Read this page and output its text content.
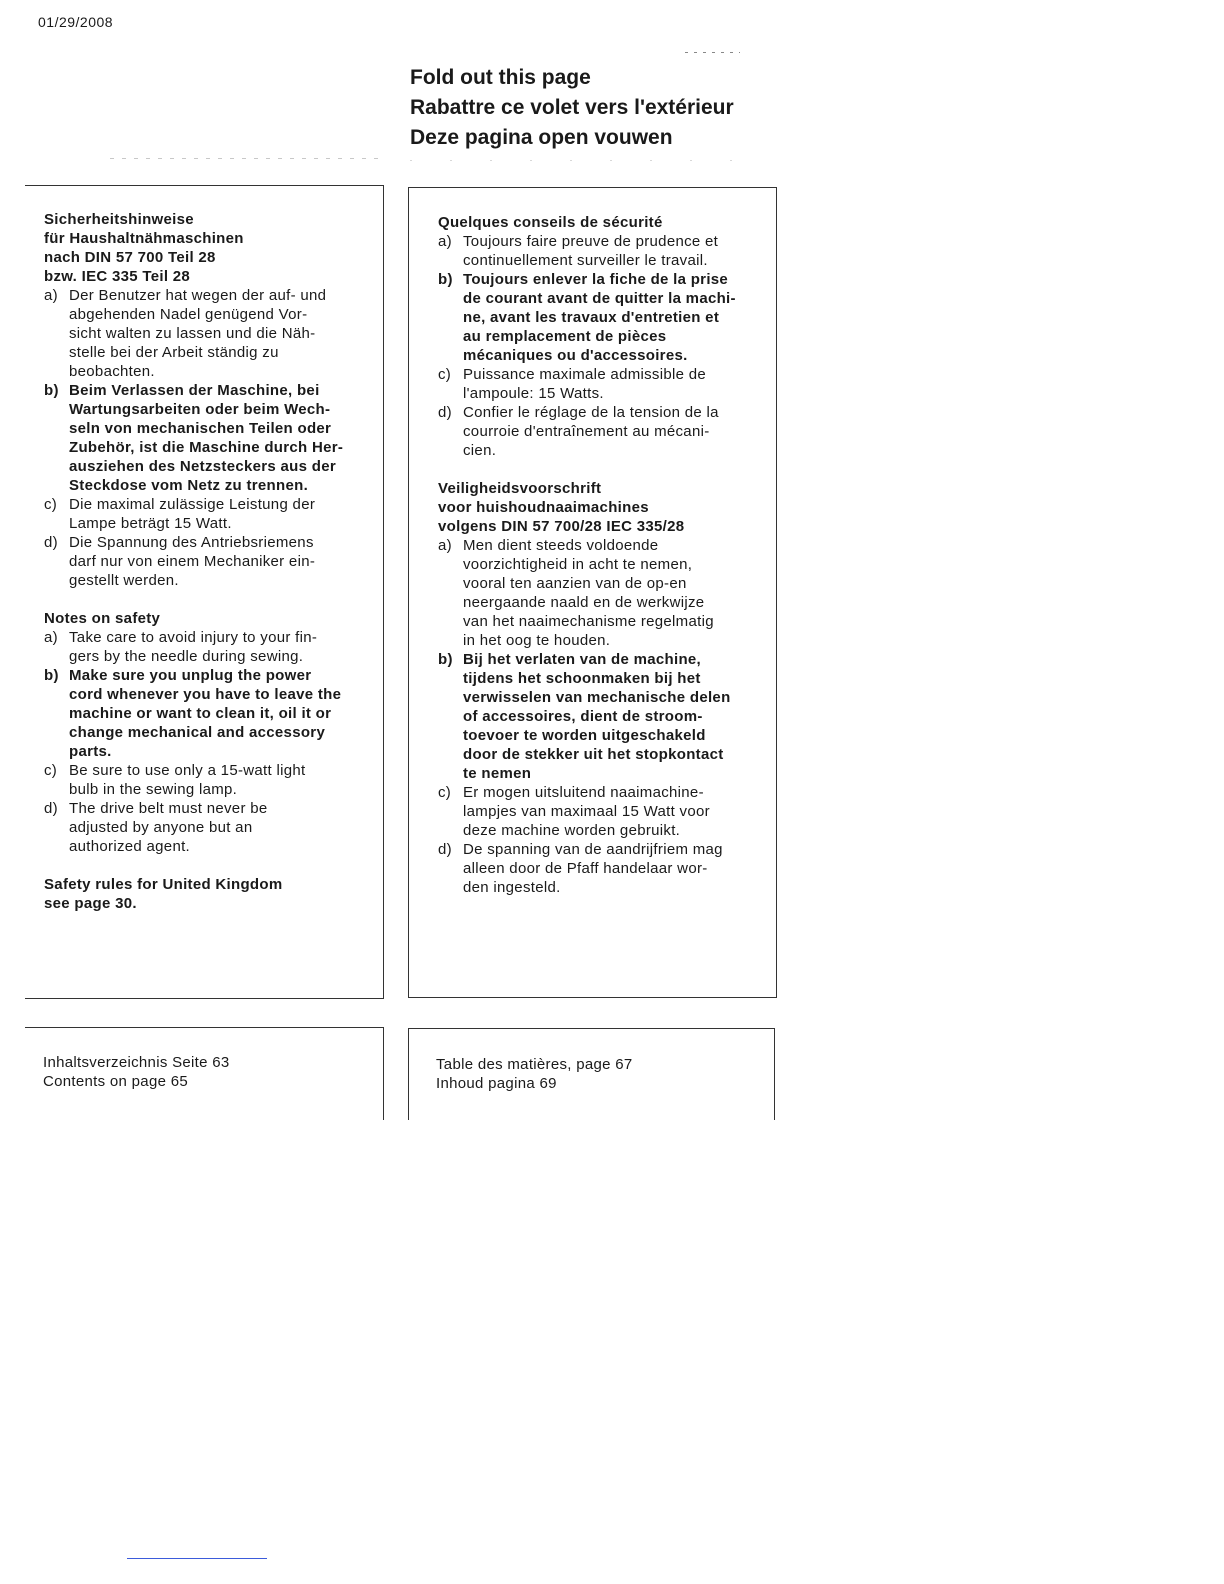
01/29/2008
Fold out this page
Rabattre ce volet vers l'extérieur
Deze pagina open vouwen
Sicherheitshinweise
für Haushaltnähmaschinen
nach DIN 57 700 Teil 28
bzw. IEC 335 Teil 28
a) Der Benutzer hat wegen der auf- und
abgehenden Nadel genügend Vor-
sicht walten zu lassen und die Näh-
stelle bei der Arbeit ständig zu
beobachten.
b) Beim Verlassen der Maschine, bei
Wartungsarbeiten oder beim Wech-
seln von mechanischen Teilen oder
Zubehör, ist die Maschine durch Her-
ausziehen des Netzsteckers aus der
Steckdose vom Netz zu trennen.
c) Die maximal zulässige Leistung der
Lampe beträgt 15 Watt.
d) Die Spannung des Antriebsriemens
darf nur von einem Mechaniker ein-
gestellt werden.
Notes on safety
a) Take care to avoid injury to your fin-
gers by the needle during sewing.
b) Make sure you unplug the power
cord whenever you have to leave the
machine or want to clean it, oil it or
change mechanical and accessory
parts.
c) Be sure to use only a 15-watt light
bulb in the sewing lamp.
d) The drive belt must never be
adjusted by anyone but an
authorized agent.
Safety rules for United Kingdom
see page 30.
Quelques conseils de sécurité
a) Toujours faire preuve de prudence et
continuellement surveiller le travail.
b) Toujours enlever la fiche de la prise
de courant avant de quitter la machi-
ne, avant les travaux d'entretien et
au remplacement de pièces
mécaniques ou d'accessoires.
c) Puissance maximale admissible de
l'ampoule: 15 Watts.
d) Confier le réglage de la tension de la
courroie d'entraînement au mécani-
cien.
Veiligheidsvoorschrift
voor huishoudnaaimachines
volgens DIN 57 700/28 IEC 335/28
a) Men dient steeds voldoende
voorzichtigheid in acht te nemen,
vooral ten aanzien van de op-en
neergaande naald en de werkwijze
van het naaimechanisme regelmatig
in het oog te houden.
b) Bij het verlaten van de machine,
tijdens het schoonmaken bij het
verwisselen van mechanische delen
of accessoires, dient de stroom-
toevoer te worden uitgeschakeld
door de stekker uit het stopkontact
te nemen
c) Er mogen uitsluitend naaimachine-
lampjes van maximaal 15 Watt voor
deze machine worden gebruikt.
d) De spanning van de aandrijfriem mag
alleen door de Pfaff handelaar wor-
den ingesteld.
Inhaltsverzeichnis Seite 63
Contents on page 65
Table des matières, page 67
Inhoud pagina 69
